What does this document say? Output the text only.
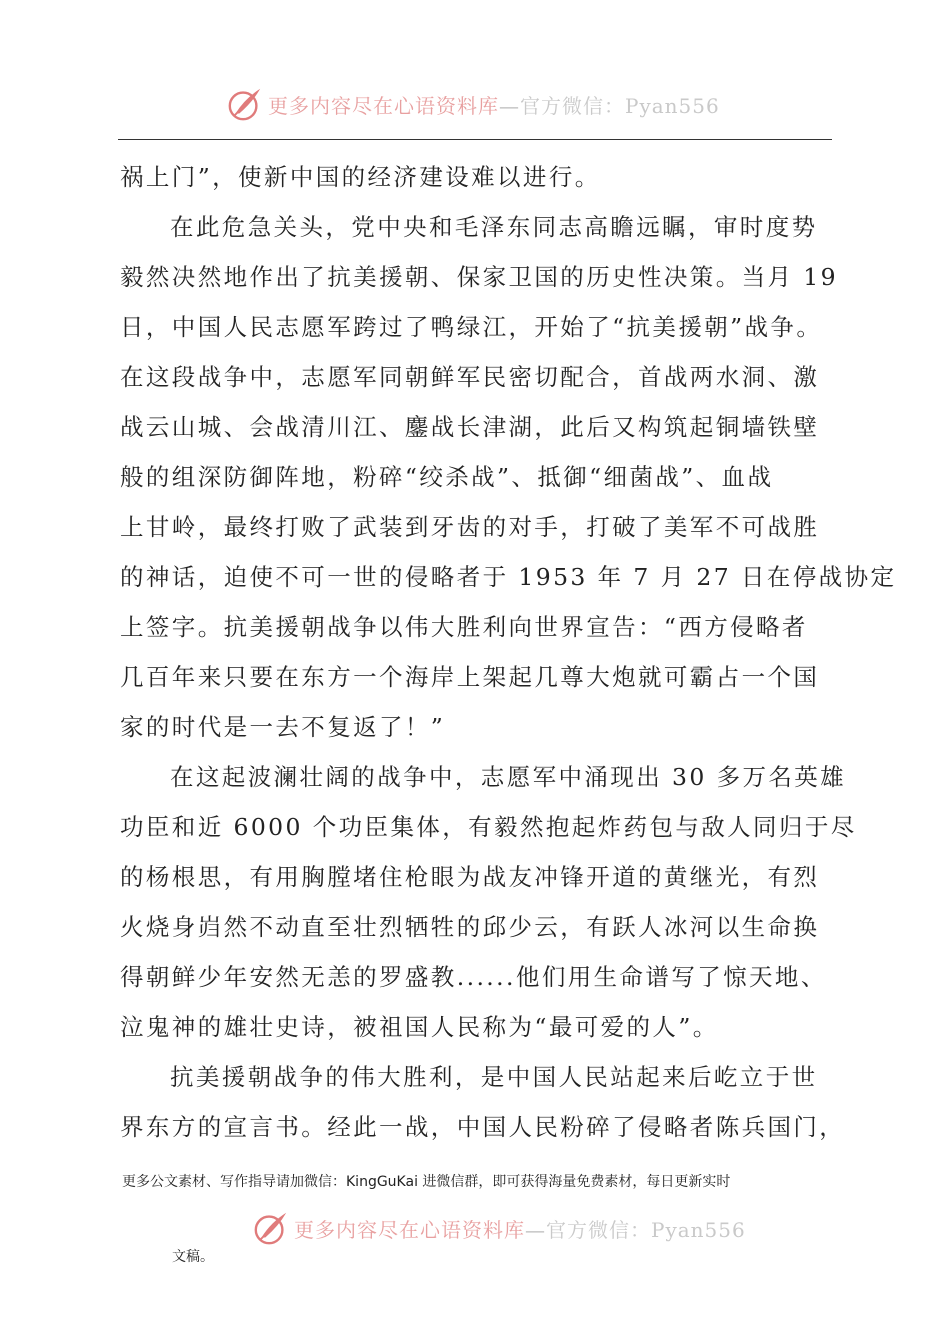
更多内容尽在心语资料库—官方微信：Pyan556
祸上门”，使新中国的经济建设难以进行。
在此危急关头，党中央和毛泽东同志高瞻远瞩，审时度势
毅然决然地作出了抗美援朝、保家卫国的历史性决策。当月 19
日，中国人民志愿军跨过了鸭绿江，开始了“抗美援朝”战争。
在这段战争中，志愿军同朝鲜军民密切配合，首战两水洞、激
战云山城、会战清川江、鏖战长津湖，此后又构筑起铜墙铁壁
般的组深防御阵地，粉碎“绞杀战”、抵御“细菌战”、血战
上甘岭，最终打败了武装到牙齿的对手，打破了美军不可战胜
的神话，迫使不可一世的侵略者于 1953 年 7 月 27 日在停战协定
上签字。抗美援朝战争以伟大胜利向世界宣告：“西方侵略者
几百年来只要在东方一个海岸上架起几尊大炮就可霸占一个国
家的时代是一去不复返了！”
在这起波澜壮阔的战争中，志愿军中涌现出 30 多万名英雄
功臣和近 6000 个功臣集体，有毅然抱起炸药包与敌人同归于尽
的杨根思，有用胸膛堵住枪眼为战友冲锋开道的黄继光，有烈
火烧身岿然不动直至壮烈牺牲的邱少云，有跃人冰河以生命换
得朝鲜少年安然无恙的罗盛教......他们用生命谱写了惊天地、
泣鬼神的雄壮史诗，被祖国人民称为“最可爱的人”。
抗美援朝战争的伟大胜利，是中国人民站起来后屹立于世
界东方的宣言书。经此一战，中国人民粉碎了侵略者陈兵国门，
更多公文素材、写作指导请加微信：KingGuKai 进微信群，即可获得海量免费素材，每日更新实时
更多内容尽在心语资料库—官方微信：Pyan556
文稿。
